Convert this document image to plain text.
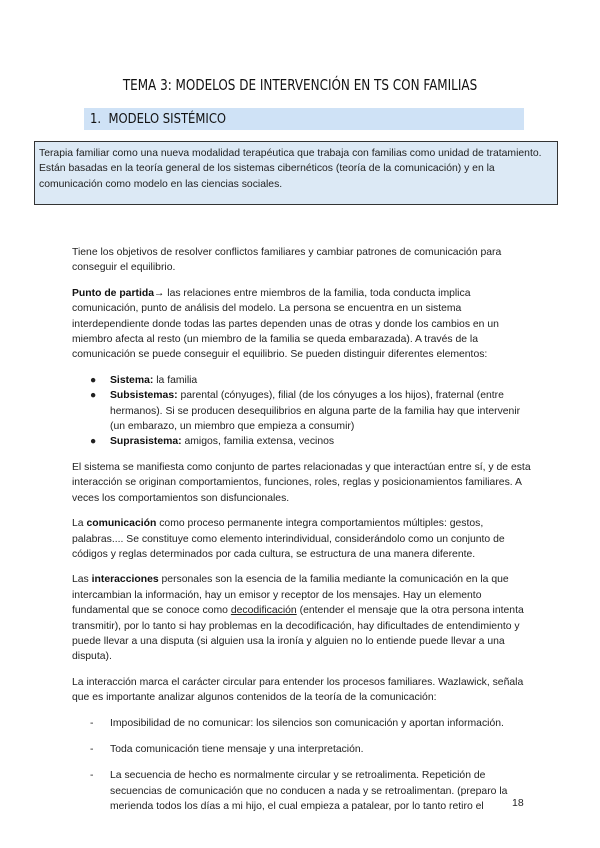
TEMA 3: MODELOS DE INTERVENCIÓN EN TS CON FAMILIAS
1. MODELO SISTÉMICO
Terapia familiar como una nueva modalidad terapéutica que trabaja con familias como unidad de tratamiento. Están basadas en la teoría general de los sistemas cibernéticos (teoría de la comunicación) y en la comunicación como modelo en las ciencias sociales.

Tiene los objetivos de resolver conflictos familiares y cambiar patrones de comunicación para conseguir el equilibrio.

Punto de partida→ las relaciones entre miembros de la familia, toda conducta implica comunicación, punto de análisis del modelo. La persona se encuentra en un sistema interdependiente donde todas las partes dependen unas de otras y donde los cambios en un miembro afecta al resto (un miembro de la familia se queda embarazada). A través de la comunicación se puede conseguir el equilibrio. Se pueden distinguir diferentes elementos:

● Sistema: la familia
● Subsistemas: parental (cónyuges), filial (de los cónyuges a los hijos), fraternal (entre hermanos). Si se producen desequilibrios en alguna parte de la familia hay que intervenir (un embarazo, un miembro que empieza a consumir)
● Suprasistema: amigos, familia extensa, vecinos

El sistema se manifiesta como conjunto de partes relacionadas y que interactúan entre sí, y de esta interacción se originan comportamientos, funciones, roles, reglas y posicionamientos familiares. A veces los comportamientos son disfuncionales.

La comunicación como proceso permanente integra comportamientos múltiples: gestos, palabras.... Se constituye como elemento interindividual, considerándolo como un conjunto de códigos y reglas determinados por cada cultura, se estructura de una manera diferente.

Las interacciones personales son la esencia de la familia mediante la comunicación en la que intercambian la información, hay un emisor y receptor de los mensajes. Hay un elemento fundamental que se conoce como decodificación (entender el mensaje que la otra persona intenta transmitir), por lo tanto si hay problemas en la decodificación, hay dificultades de entendimiento y puede llevar a una disputa (si alguien usa la ironía y alguien no lo entiende puede llevar a una disputa).

La interacción marca el carácter circular para entender los procesos familiares. Wazlawick, señala que es importante analizar algunos contenidos de la teoría de la comunicación:

- Imposibilidad de no comunicar: los silencios son comunicación y aportan información.
- Toda comunicación tiene mensaje y una interpretación.
- La secuencia de hecho es normalmente circular y se retroalimenta. Repetición de secuencias de comunicación que no conducen a nada y se retroalimentan. (preparo la merienda todos los días a mi hijo, el cual empieza a patalear, por lo tanto retiro el	18
